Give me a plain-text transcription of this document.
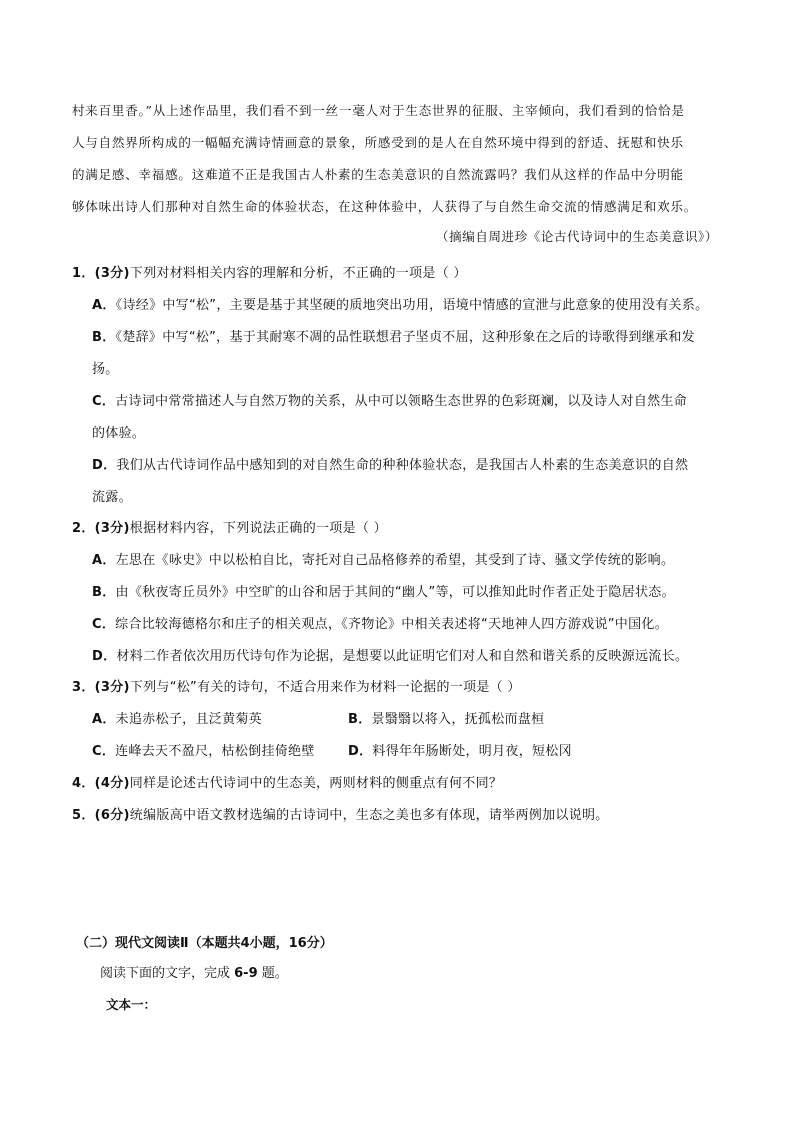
村来百里香。”从上述作品里，我们看不到一丝一毫人对于生态世界的征服、主宰倾向，我们看到的恰恰是
人与自然界所构成的一幅幅充满诗情画意的景象，所感受到的是人在自然环境中得到的舒适、抚慰和快乐
的满足感、幸福感。这难道不正是我国古人朴素的生态美意识的自然流露吗？我们从这样的作品中分明能
够体味出诗人们那种对自然生命的体验状态，在这种体验中，人获得了与自然生命交流的情感满足和欢乐。
（摘编自周进珍《论古代诗词中的生态美意识》）
1．(3分)下列对材料相关内容的理解和分析，不正确的一项是（ ）
A．《诗经》中写“松”，主要是基于其坚硬的质地突出功用，语境中情感的宣泄与此意象的使用没有关系。
B．《楚辞》中写“松”，基于其耐寒不凋的品性联想君子坚贞不屈，这种形象在之后的诗歌得到继承和发
扬。
C．古诗词中常常描述人与自然万物的关系，从中可以领略生态世界的色彩斑斓，以及诗人对自然生命
的体验。
D．我们从古代诗词作品中感知到的对自然生命的种种体验状态，是我国古人朴素的生态美意识的自然
流露。
2．(3分)根据材料内容，下列说法正确的一项是（ ）
A．左思在《咏史》中以松柏自比，寄托对自己品格修养的希望，其受到了诗、骚文学传统的影响。
B．由《秋夜寄丘员外》中空旷的山谷和居于其间的“幽人”等，可以推知此时作者正处于隐居状态。
C．综合比较海德格尔和庄子的相关观点，《齐物论》中相关表述将“天地神人四方游戏说”中国化。
D．材料二作者依次用历代诗句作为论据，是想要以此证明它们对人和自然和谐关系的反映源远流长。
3．(3分)下列与“松”有关的诗句，不适合用来作为材料一论据的一项是（ ）
A．未追赤松子，且泛黄菊英	B．景翳翳以将入，抚孤松而盘桓
C．连峰去天不盈尺，枯松倒挂倚绝壁	D．料得年年肠断处，明月夜，短松冈
4．(4分)同样是论述古代诗词中的生态美，两则材料的侧重点有何不同？
5．(6分)统编版高中语文教材选编的古诗词中，生态之美也多有体现，请举两例加以说明。
（二）现代文阅读Ⅱ（本题共4小题，16分）
阅读下面的文字，完成 6-9 题。
文本一：
